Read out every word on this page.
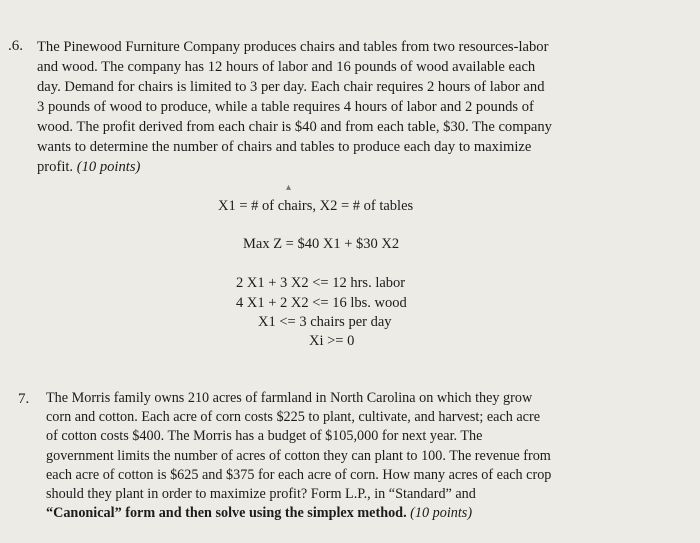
.6. The Pinewood Furniture Company produces chairs and tables from two resources-labor
and wood. The company has 12 hours of labor and 16 pounds of wood available each
day. Demand for chairs is limited to 3 per day. Each chair requires 2 hours of labor and
3 pounds of wood to produce, while a table requires 4 hours of labor and 2 pounds of
wood. The profit derived from each chair is $40 and from each table, $30. The company
wants to determine the number of chairs and tables to produce each day to maximize
profit. (10 points)
▴
X1 = # of chairs, X2 = # of tables
Max Z = $40 X1 + $30 X2
2 X1 + 3 X2 <= 12 hrs. labor
4 X1 + 2 X2 <= 16 lbs. wood
X1 <= 3 chairs per day
Xi >= 0
7. The Morris family owns 210 acres of farmland in North Carolina on which they grow
corn and cotton. Each acre of corn costs $225 to plant, cultivate, and harvest; each acre
of cotton costs $400. The Morris has a budget of $105,000 for next year. The
government limits the number of acres of cotton they can plant to 100. The revenue from
each acre of cotton is $625 and $375 for each acre of corn. How many acres of each crop
should they plant in order to maximize profit? Form L.P., in “Standard” and
“Canonical” form and then solve using the simplex method. (10 points)
